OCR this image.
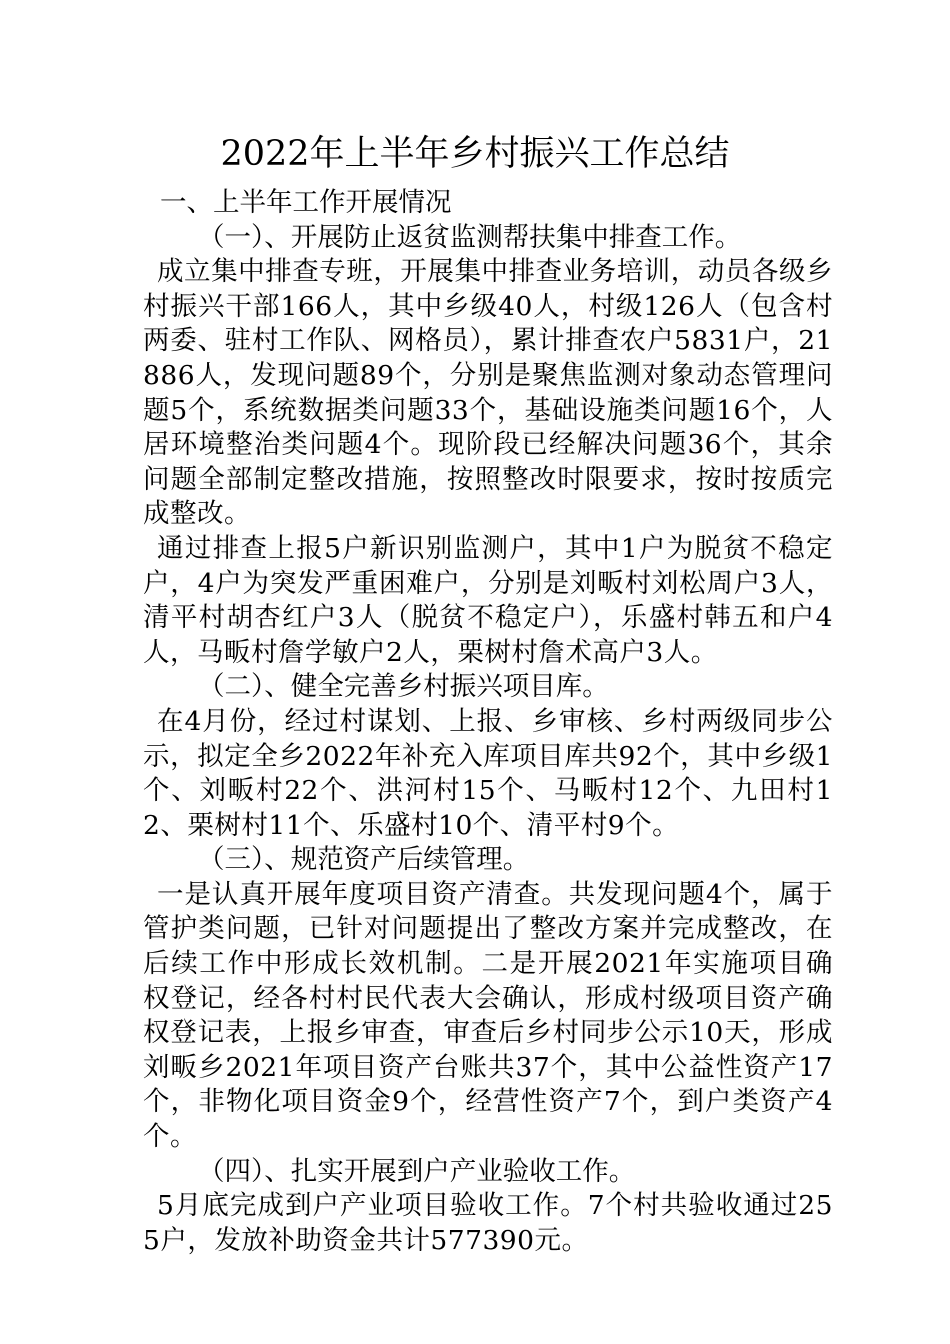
2022年上半年乡村振兴工作总结
一、上半年工作开展情况
（一）、开展防止返贫监测帮扶集中排查工作。

成立集中排查专班，开展集中排查业务培训，动员各级乡村振兴干部166人，其中乡级40人，村级126人（包含村两委、驻村工作队、网格员），累计排查农户5831户，21886人，发现问题89个，分别是聚焦监测对象动态管理问题5个，系统数据类问题33个，基础设施类问题16个，人居环境整治类问题4个。现阶段已经解决问题36个，其余问题全部制定整改措施，按照整改时限要求，按时按质完成整改。

通过排查上报5户新识别监测户，其中1户为脱贫不稳定户，4户为突发严重困难户，分别是刘畈村刘松周户3人，清平村胡杏红户3人（脱贫不稳定户），乐盛村韩五和户4人，马畈村詹学敏户2人，栗树村詹术高户3人。

（二）、健全完善乡村振兴项目库。

在4月份，经过村谋划、上报、乡审核、乡村两级同步公示，拟定全乡2022年补充入库项目库共92个，其中乡级1个、刘畈村22个、洪河村15个、马畈村12个、九田村12、栗树村11个、乐盛村10个、清平村9个。

（三）、规范资产后续管理。

一是认真开展年度项目资产清查。共发现问题4个，属于管护类问题，已针对问题提出了整改方案并完成整改，在后续工作中形成长效机制。二是开展2021年实施项目确权登记，经各村村民代表大会确认，形成村级项目资产确权登记表，上报乡审查，审查后乡村同步公示10天，形成刘畈乡2021年项目资产台账共37个，其中公益性资产17个，非物化项目资金9个，经营性资产7个，到户类资产4个。

（四）、扎实开展到户产业验收工作。

5月底完成到户产业项目验收工作。7个村共验收通过255户，发放补助资金共计577390元。
